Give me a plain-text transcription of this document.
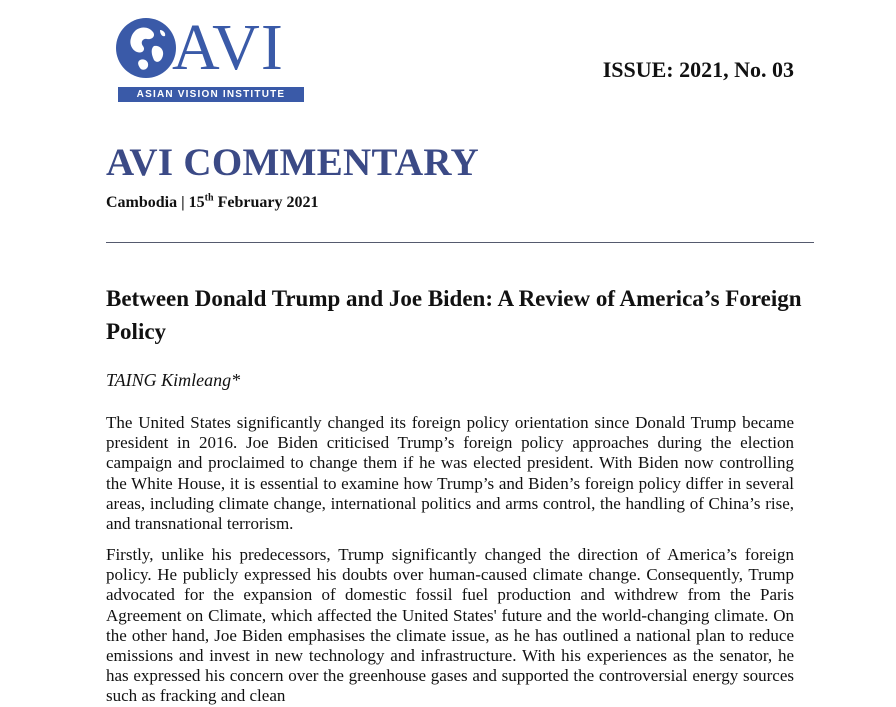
AVI
ASIAN VISION INSTITUTE
ISSUE: 2021, No. 03
AVI COMMENTARY
Cambodia | 15th February 2021
Between Donald Trump and Joe Biden: A Review of America’s Foreign Policy
TAING Kimleang*

The United States significantly changed its foreign policy orientation since Donald Trump became president in 2016. Joe Biden criticised Trump’s foreign policy approaches during the election campaign and proclaimed to change them if he was elected president. With Biden now controlling the White House, it is essential to examine how Trump’s and Biden’s foreign policy differ in several areas, including climate change, international politics and arms control, the handling of China’s rise, and transnational terrorism.

Firstly, unlike his predecessors, Trump significantly changed the direction of America’s foreign policy. He publicly expressed his doubts over human-caused climate change. Consequently, Trump advocated for the expansion of domestic fossil fuel production and withdrew from the Paris Agreement on Climate, which affected the United States' future and the world-changing climate. On the other hand, Joe Biden emphasises the climate issue, as he has outlined a national plan to reduce emissions and invest in new technology and infrastructure. With his experiences as the senator, he has expressed his concern over the greenhouse gases and supported the controversial energy sources such as fracking and clean
